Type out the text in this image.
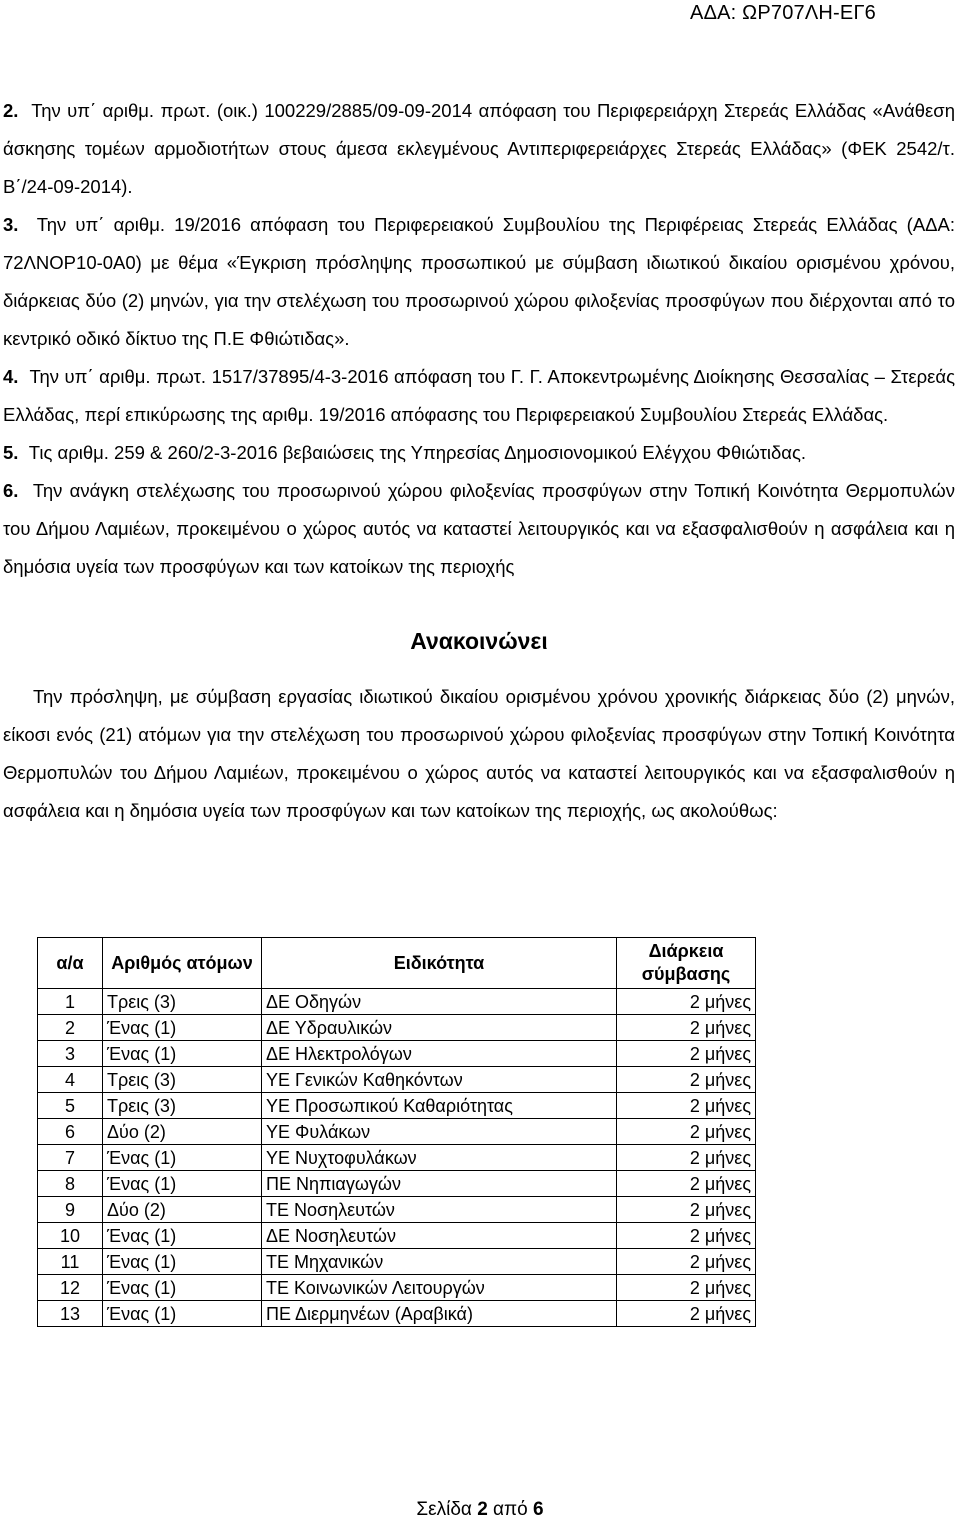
ΑΔΑ: ΩΡ707ΛΗ-ΕΓ6

2. Την υπ΄ αριθμ. πρωτ. (οικ.) 100229/2885/09-09-2014 απόφαση του Περιφερειάρχη Στερεάς Ελλάδας «Ανάθεση άσκησης τομέων αρμοδιοτήτων στους άμεσα εκλεγμένους Αντιπεριφερειάρχες Στερεάς Ελλάδας» (ΦΕΚ 2542/τ. Β΄/24-09-2014).

3. Την υπ΄ αριθμ. 19/2016 απόφαση του Περιφερειακού Συμβουλίου της Περιφέρειας Στερεάς Ελλάδας (ΑΔΑ: 72ΛΝΟΡ10-0Α0) με θέμα «Έγκριση πρόσληψης προσωπικού με σύμβαση ιδιωτικού δικαίου ορισμένου χρόνου, διάρκειας δύο (2) μηνών, για την στελέχωση του προσωρινού χώρου φιλοξενίας προσφύγων που διέρχονται από το κεντρικό οδικό δίκτυο της Π.Ε Φθιώτιδας».

4. Την υπ΄ αριθμ. πρωτ. 1517/37895/4-3-2016 απόφαση του Γ. Γ. Αποκεντρωμένης Διοίκησης Θεσσαλίας – Στερεάς Ελλάδας, περί επικύρωσης της αριθμ. 19/2016 απόφασης του Περιφερειακού Συμβουλίου Στερεάς Ελλάδας.

5. Τις αριθμ. 259 & 260/2-3-2016 βεβαιώσεις της Υπηρεσίας Δημοσιονομικού Ελέγχου Φθιώτιδας.

6. Την ανάγκη στελέχωσης του προσωρινού χώρου φιλοξενίας προσφύγων στην Τοπική Κοινότητα Θερμοπυλών του Δήμου Λαμιέων, προκειμένου ο χώρος αυτός να καταστεί λειτουργικός και να εξασφαλισθούν η ασφάλεια και η δημόσια υγεία των προσφύγων και των κατοίκων της περιοχής

Ανακοινώνει

Την πρόσληψη, με σύμβαση εργασίας ιδιωτικού δικαίου ορισμένου χρόνου χρονικής διάρκειας δύο (2) μηνών, είκοσι ενός (21) ατόμων για την στελέχωση του προσωρινού χώρου φιλοξενίας προσφύγων στην Τοπική Κοινότητα Θερμοπυλών του Δήμου Λαμιέων, προκειμένου ο χώρος αυτός να καταστεί λειτουργικός και να εξασφαλισθούν η ασφάλεια και η δημόσια υγεία των προσφύγων και των κατοίκων της περιοχής, ως ακολούθως:

α/α	Αριθμός ατόμων	Ειδικότητα	Διάρκεια σύμβασης
1	Τρεις (3)	ΔΕ Οδηγών	2 μήνες
2	Ένας (1)	ΔΕ Υδραυλικών	2 μήνες
3	Ένας (1)	ΔΕ Ηλεκτρολόγων	2 μήνες
4	Τρεις (3)	ΥΕ Γενικών Καθηκόντων	2 μήνες
5	Τρεις (3)	ΥΕ Προσωπικού Καθαριότητας	2 μήνες
6	Δύο (2)	ΥΕ Φυλάκων	2 μήνες
7	Ένας (1)	ΥΕ Νυχτοφυλάκων	2 μήνες
8	Ένας (1)	ΠΕ Νηπιαγωγών	2 μήνες
9	Δύο (2)	ΤΕ Νοσηλευτών	2 μήνες
10	Ένας (1)	ΔΕ Νοσηλευτών	2 μήνες
11	Ένας (1)	ΤΕ Μηχανικών	2 μήνες
12	Ένας (1)	ΤΕ Κοινωνικών Λειτουργών	2 μήνες
13	Ένας (1)	ΠΕ Διερμηνέων (Αραβικά)	2 μήνες
Σελίδα 2 από 6
